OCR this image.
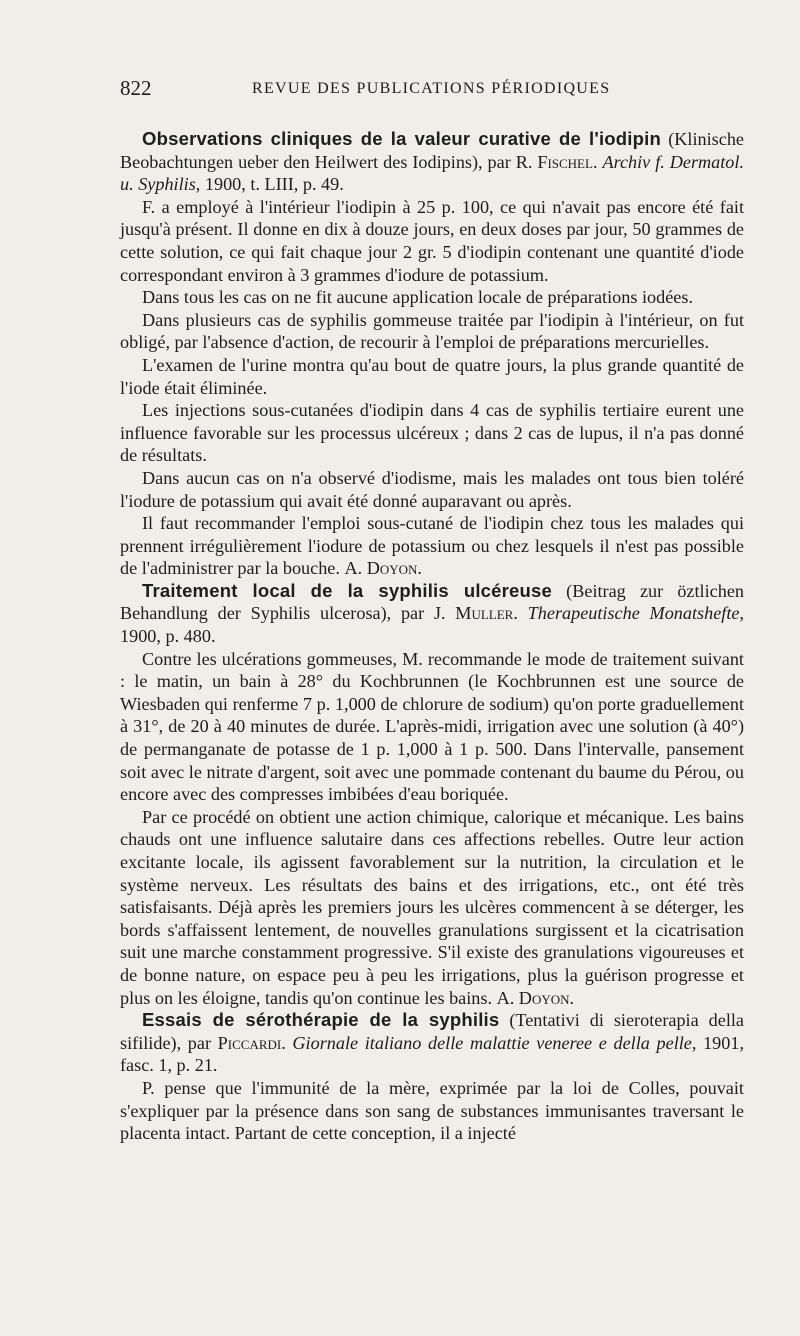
822	REVUE DES PUBLICATIONS PÉRIODIQUES

Observations cliniques de la valeur curative de l'iodipin (Klinische Beobachtungen ueber den Heilwert des Iodipins), par R. Fischel. Archiv f. Dermatol. u. Syphilis, 1900, t. LIII, p. 49.

F. a employé à l'intérieur l'iodipin à 25 p. 100, ce qui n'avait pas encore été fait jusqu'à présent. Il donne en dix à douze jours, en deux doses par jour, 50 grammes de cette solution, ce qui fait chaque jour 2 gr. 5 d'iodipin contenant une quantité d'iode correspondant environ à 3 grammes d'iodure de potassium.

Dans tous les cas on ne fit aucune application locale de préparations iodées.

Dans plusieurs cas de syphilis gommeuse traitée par l'iodipin à l'intérieur, on fut obligé, par l'absence d'action, de recourir à l'emploi de préparations mercurielles.

L'examen de l'urine montra qu'au bout de quatre jours, la plus grande quantité de l'iode était éliminée.

Les injections sous-cutanées d'iodipin dans 4 cas de syphilis tertiaire eurent une influence favorable sur les processus ulcéreux ; dans 2 cas de lupus, il n'a pas donné de résultats.

Dans aucun cas on n'a observé d'iodisme, mais les malades ont tous bien toléré l'iodure de potassium qui avait été donné auparavant ou après.

Il faut recommander l'emploi sous-cutané de l'iodipin chez tous les malades qui prennent irrégulièrement l'iodure de potassium ou chez lesquels il n'est pas possible de l'administrer par la bouche. A. Doyon.

Traitement local de la syphilis ulcéreuse (Beitrag zur öztlichen Behandlung der Syphilis ulcerosa), par J. Muller. Therapeutische Monatshefte, 1900, p. 480.

Contre les ulcérations gommeuses, M. recommande le mode de traitement suivant : le matin, un bain à 28° du Kochbrunnen (le Kochbrunnen est une source de Wiesbaden qui renferme 7 p. 1,000 de chlorure de sodium) qu'on porte graduellement à 31°, de 20 à 40 minutes de durée. L'après-midi, irrigation avec une solution (à 40°) de permanganate de potasse de 1 p. 1,000 à 1 p. 500. Dans l'intervalle, pansement soit avec le nitrate d'argent, soit avec une pommade contenant du baume du Pérou, ou encore avec des compresses imbibées d'eau boriquée.

Par ce procédé on obtient une action chimique, calorique et mécanique. Les bains chauds ont une influence salutaire dans ces affections rebelles. Outre leur action excitante locale, ils agissent favorablement sur la nutrition, la circulation et le système nerveux. Les résultats des bains et des irrigations, etc., ont été très satisfaisants. Déjà après les premiers jours les ulcères commencent à se déterger, les bords s'affaissent lentement, de nouvelles granulations surgissent et la cicatrisation suit une marche constamment progressive. S'il existe des granulations vigoureuses et de bonne nature, on espace peu à peu les irrigations, plus la guérison progresse et plus on les éloigne, tandis qu'on continue les bains. A. Doyon.

Essais de sérothérapie de la syphilis (Tentativi di sieroterapia della sifilide), par Piccardi. Giornale italiano delle malattie veneree e della pelle, 1901, fasc. 1, p. 21.

P. pense que l'immunité de la mère, exprimée par la loi de Colles, pouvait s'expliquer par la présence dans son sang de substances immunisantes traversant le placenta intact. Partant de cette conception, il a injecté
